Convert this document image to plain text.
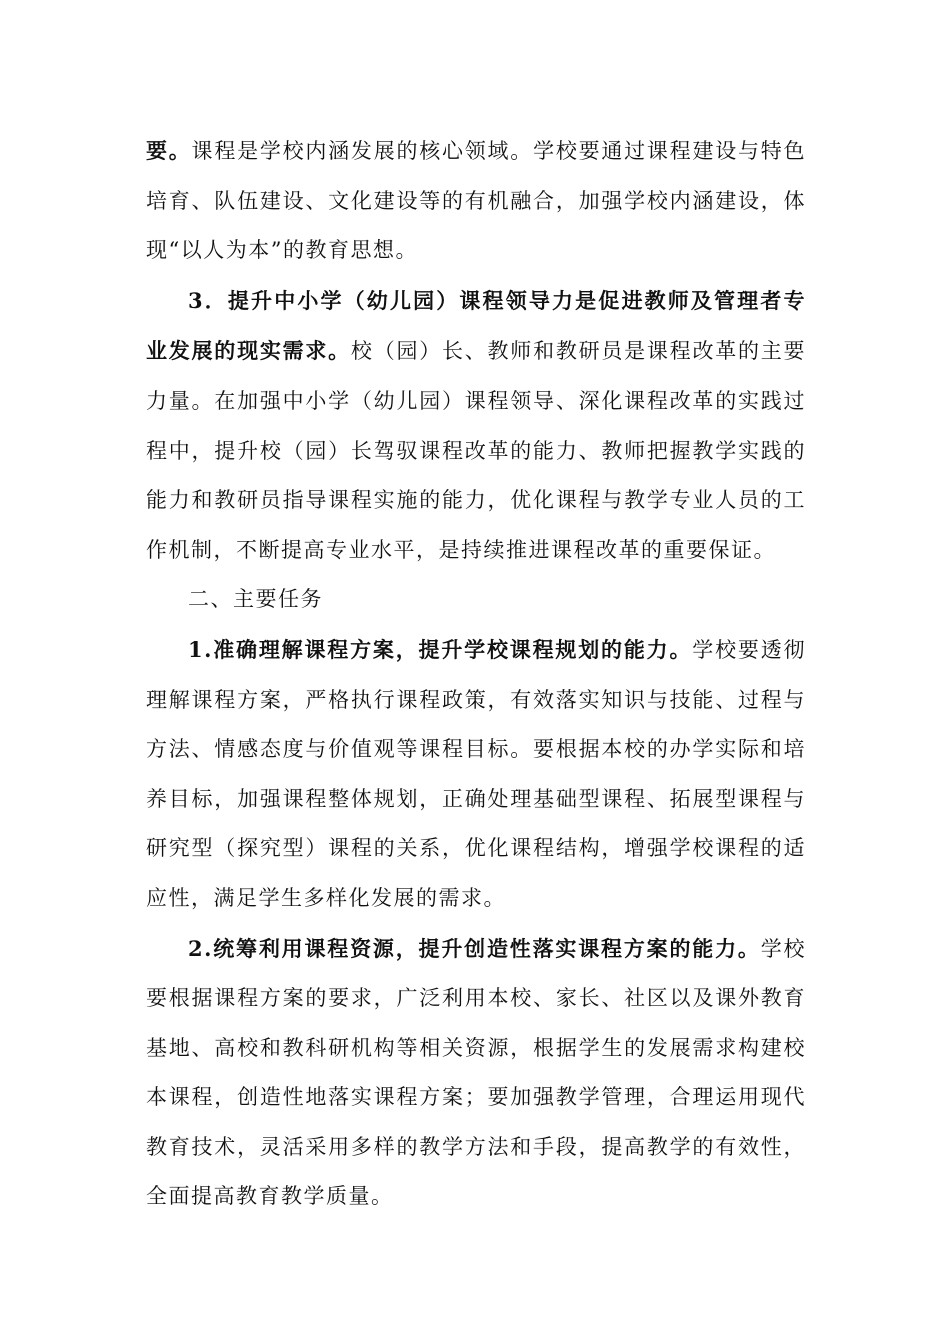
要。课程是学校内涵发展的核心领域。学校要通过课程建设与特色培育、队伍建设、文化建设等的有机融合，加强学校内涵建设，体现“以人为本”的教育思想。

3．提升中小学（幼儿园）课程领导力是促进教师及管理者专业发展的现实需求。校（园）长、教师和教研员是课程改革的主要力量。在加强中小学（幼儿园）课程领导、深化课程改革的实践过程中，提升校（园）长驾驭课程改革的能力、教师把握教学实践的能力和教研员指导课程实施的能力，优化课程与教学专业人员的工作机制，不断提高专业水平，是持续推进课程改革的重要保证。

二、主要任务

1.准确理解课程方案，提升学校课程规划的能力。学校要透彻理解课程方案，严格执行课程政策，有效落实知识与技能、过程与方法、情感态度与价值观等课程目标。要根据本校的办学实际和培养目标，加强课程整体规划，正确处理基础型课程、拓展型课程与研究型（探究型）课程的关系，优化课程结构，增强学校课程的适应性，满足学生多样化发展的需求。

2.统筹利用课程资源，提升创造性落实课程方案的能力。学校要根据课程方案的要求，广泛利用本校、家长、社区以及课外教育基地、高校和教科研机构等相关资源，根据学生的发展需求构建校本课程，创造性地落实课程方案；要加强教学管理，合理运用现代教育技术，灵活采用多样的教学方法和手段，提高教学的有效性，全面提高教育教学质量。
